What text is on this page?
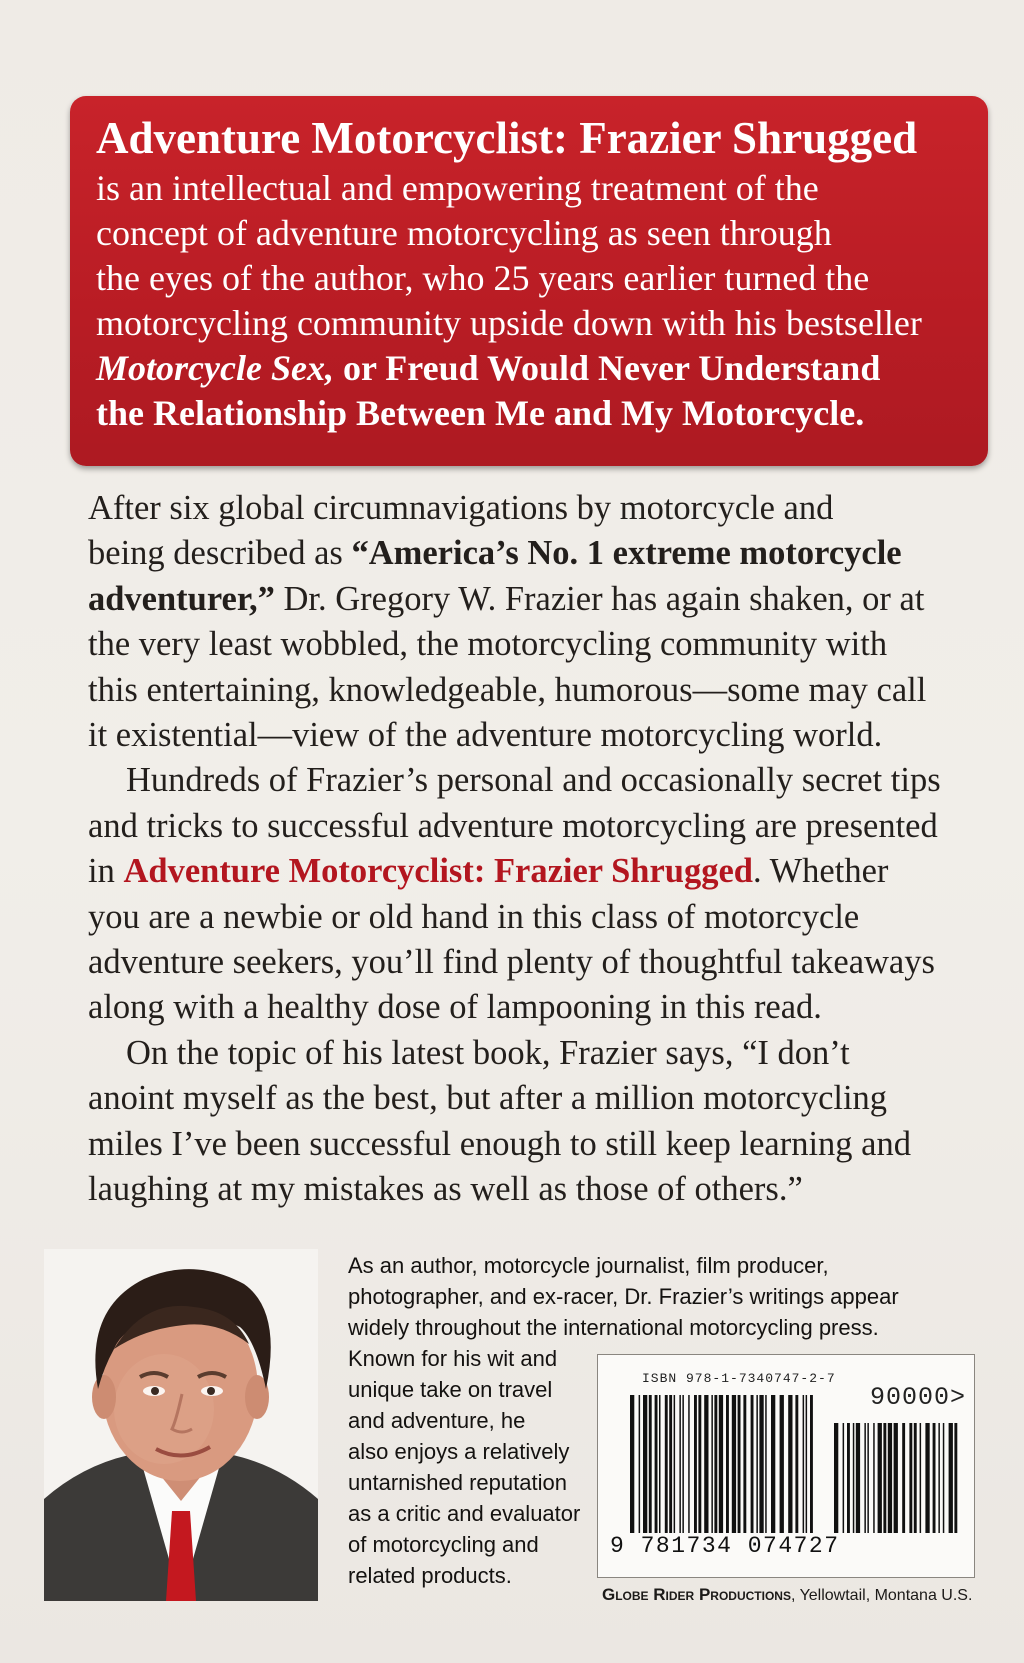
Adventure Motorcyclist: Frazier Shrugged
is an intellectual and empowering treatment of the
concept of adventure motorcycling as seen through
the eyes of the author, who 25 years earlier turned the
motorcycling community upside down with his bestseller
Motorcycle Sex, or Freud Would Never Understand
the Relationship Between Me and My Motorcycle.

After six global circumnavigations by motorcycle and
being described as “America’s No. 1 extreme motorcycle
adventurer,” Dr. Gregory W. Frazier has again shaken, or at
the very least wobbled, the motorcycling community with
this entertaining, knowledgeable, humorous—some may call
it existential—view of the adventure motorcycling world.

Hundreds of Frazier’s personal and occasionally secret tips
and tricks to successful adventure motorcycling are presented
in Adventure Motorcyclist: Frazier Shrugged. Whether
you are a newbie or old hand in this class of motorcycle
adventure seekers, you’ll find plenty of thoughtful takeaways
along with a healthy dose of lampooning in this read.

On the topic of his latest book, Frazier says, “I don’t
anoint myself as the best, but after a million motorcycling
miles I’ve been successful enough to still keep learning and
laughing at my mistakes as well as those of others.”

As an author, motorcycle journalist, film producer,
photographer, and ex-racer, Dr. Frazier’s writings appear
widely throughout the international motorcycling press.
Known for his wit and
unique take on travel
and adventure, he
also enjoys a relatively
untarnished reputation
as a critic and evaluator
of motorcycling and
related products.
ISBN 978-1-7340747-2-7
90000>
9 781734 074727
Globe Rider Productions, Yellowtail, Montana U.S.
